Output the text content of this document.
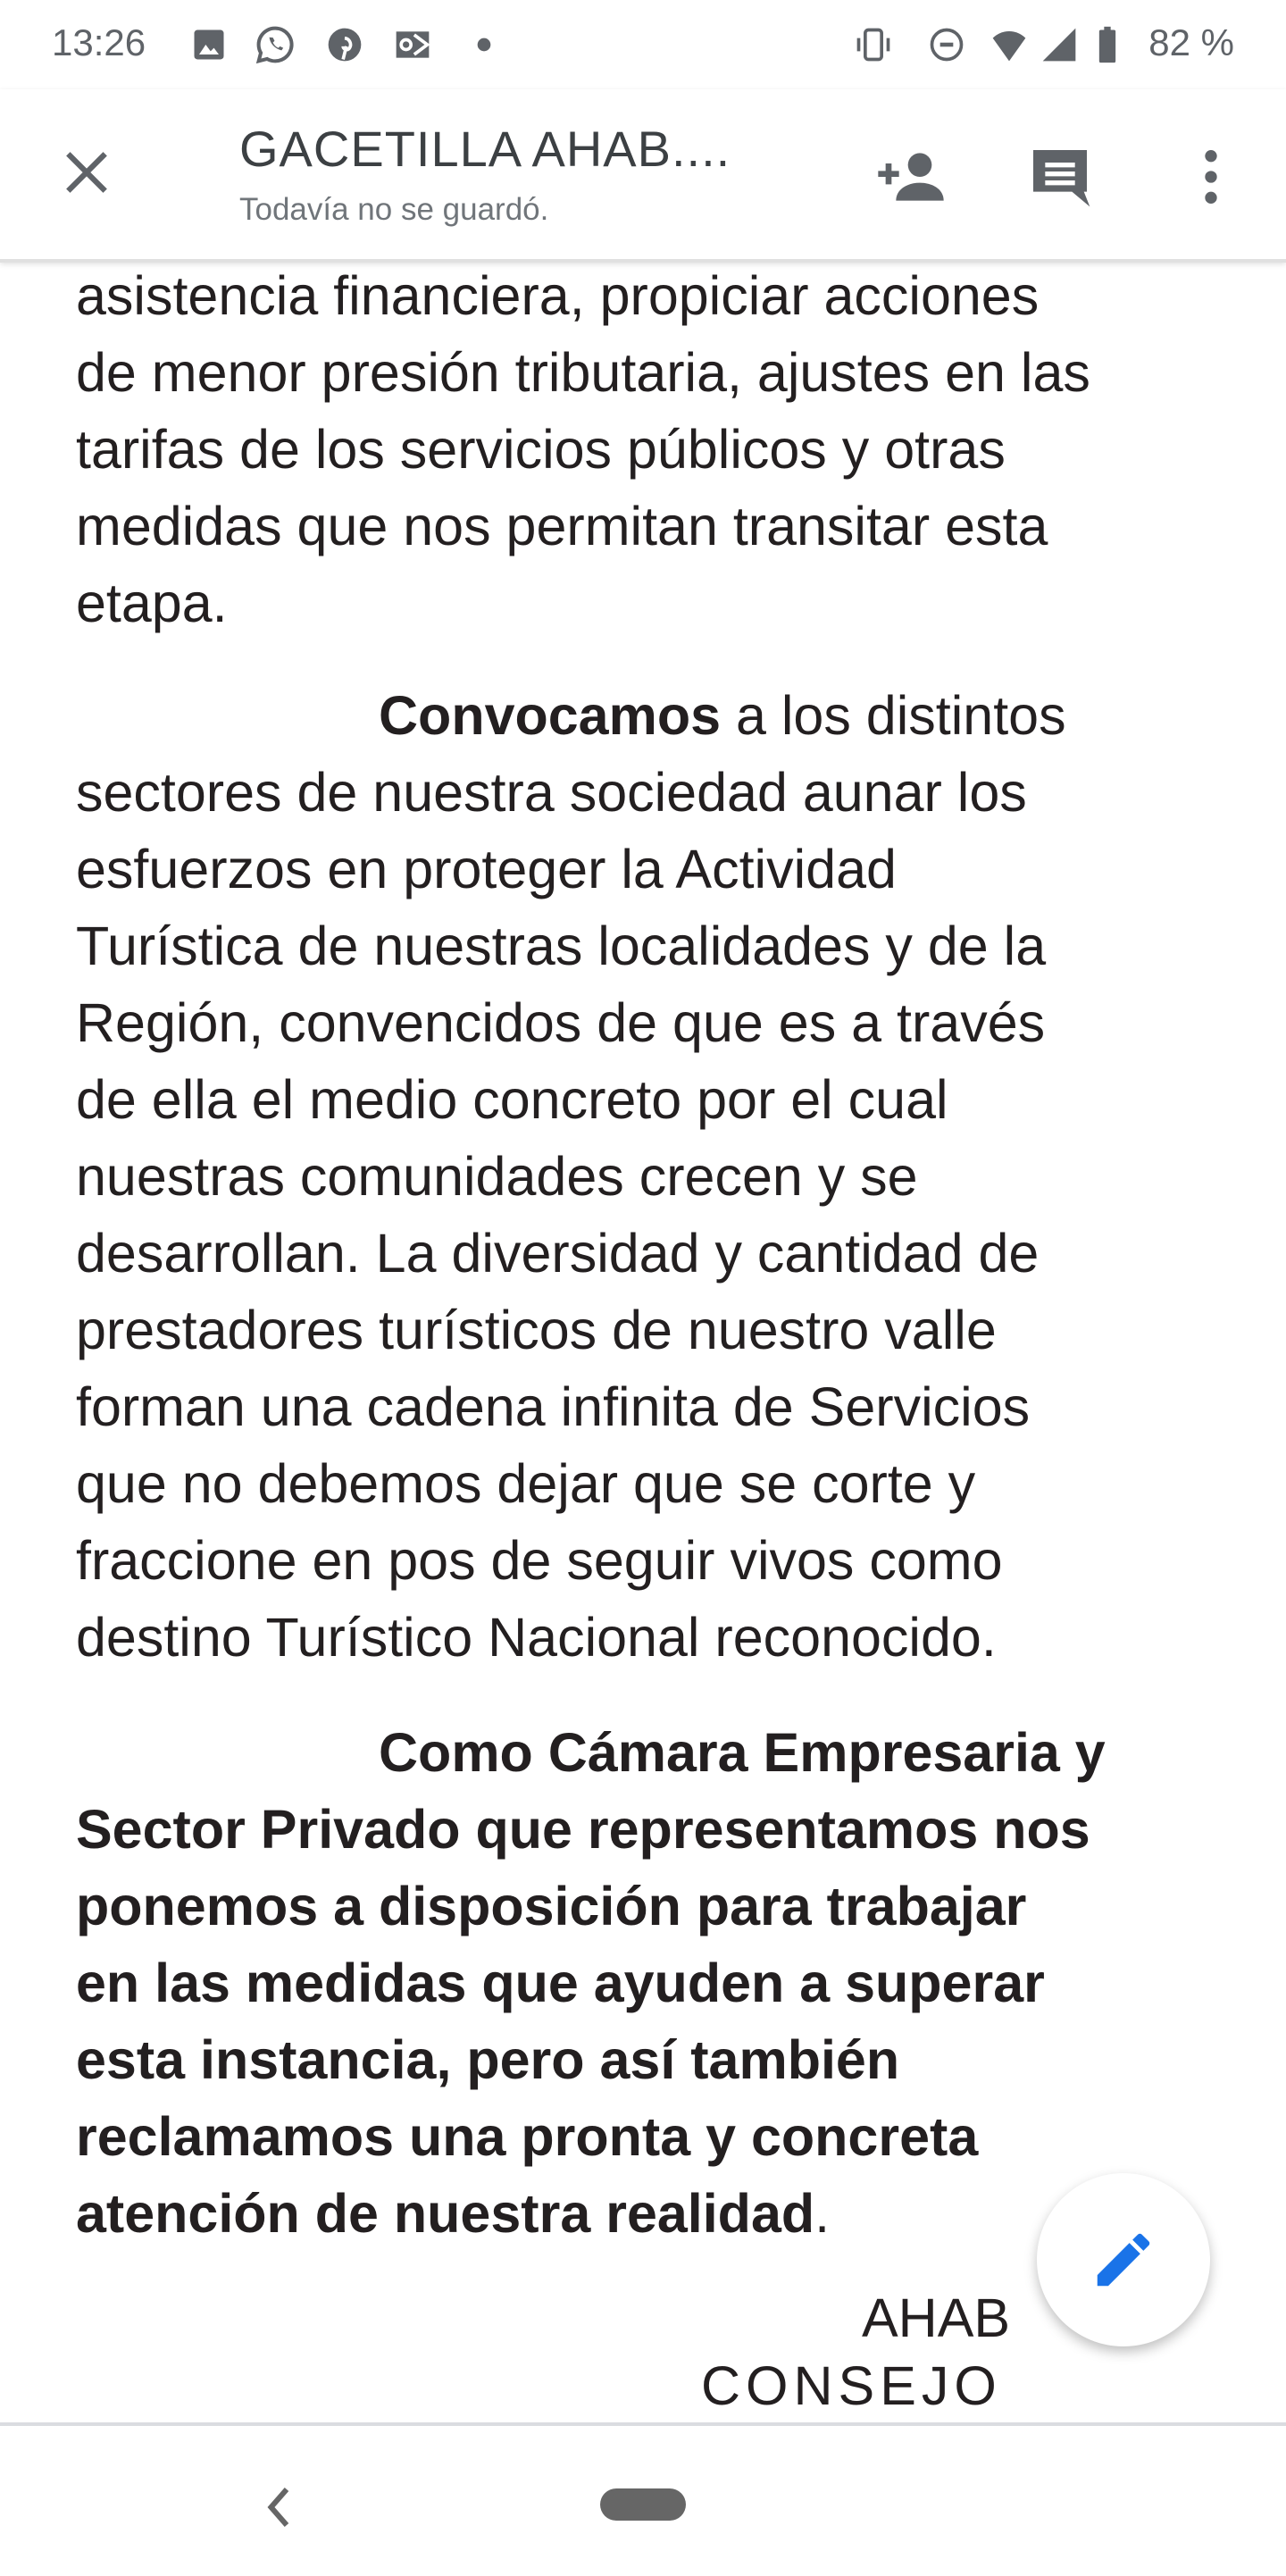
13:26	82 %
GACETILLA AHAB....
Todavía no se guardó.
asistencia financiera, propiciar acciones
de menor presión tributaria, ajustes en las
tarifas de los servicios públicos y otras
medidas que nos permitan transitar esta
etapa.
Convocamos a los distintos
sectores de nuestra sociedad aunar los
esfuerzos en proteger la Actividad
Turística de nuestras localidades y de la
Región, convencidos de que es a través
de ella el medio concreto por el cual
nuestras comunidades crecen y se
desarrollan. La diversidad y cantidad de
prestadores turísticos de nuestro valle
forman una cadena infinita de Servicios
que no debemos dejar que se corte y
fraccione en pos de seguir vivos como
destino Turístico Nacional reconocido.
Como Cámara Empresaria y
Sector Privado que representamos nos
ponemos a disposición para trabajar
en las medidas que ayuden a superar
esta instancia, pero así también
reclamamos una pronta y concreta
atención de nuestra realidad.
AHAB
CONSEJO
